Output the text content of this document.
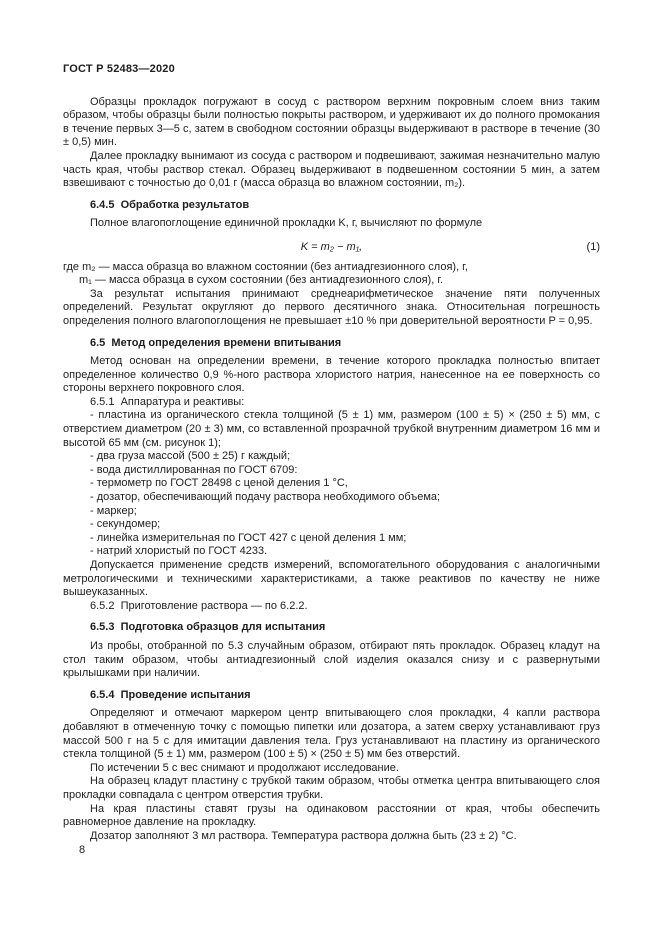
ГОСТ Р 52483—2020

Образцы прокладок погружают в сосуд с раствором верхним покровным слоем вниз таким образом, чтобы образцы были полностью покрыты раствором, и удерживают их до полного промокания в течение первых 3—5 с, затем в свободном состоянии образцы выдерживают в растворе в течение (30 ± 0,5) мин.

Далее прокладку вынимают из сосуда с раствором и подвешивают, зажимая незначительно малую часть края, чтобы раствор стекал. Образец выдерживают в подвешенном состоянии 5 мин, а затем взвешивают с точностью до 0,01 г (масса образца во влажном состоянии, m₂).

6.4.5  Обработка результатов

Полное влагопоглощение единичной прокладки K, г, вычисляют по формуле

K = m₂ − m₁,	(1)

где m₂ — масса образца во влажном состоянии (без антиадгезионного слоя), г,

m₁ — масса образца в сухом состоянии (без антиадгезионного слоя), г.

За результат испытания принимают среднеарифметическое значение пяти полученных определений. Результат округляют до первого десятичного знака. Относительная погрешность определения полного влагопоглощения не превышает ±10 % при доверительной вероятности P = 0,95.

6.5  Метод определения времени впитывания

Метод основан на определении времени, в течение которого прокладка полностью впитает определенное количество 0,9 %-ного раствора хлористого натрия, нанесенное на ее поверхность со стороны верхнего покровного слоя.

6.5.1  Аппаратура и реактивы:

- пластина из органического стекла толщиной (5 ± 1) мм, размером (100 ± 5) × (250 ± 5) мм, с отверстием диаметром (20 ± 3) мм, со вставленной прозрачной трубкой внутренним диаметром 16 мм и высотой 65 мм (см. рисунок 1);

- два груза массой (500 ± 25) г каждый;

- вода дистиллированная по ГОСТ 6709:

- термометр по ГОСТ 28498 с ценой деления 1 °С,

- дозатор, обеспечивающий подачу раствора необходимого объема;

- маркер;

- секундомер;

- линейка измерительная по ГОСТ 427 с ценой деления 1 мм;

- натрий хлористый по ГОСТ 4233.

Допускается применение средств измерений, вспомогательного оборудования с аналогичными метрологическими и техническими характеристиками, а также реактивов по качеству не ниже вышеуказанных.

6.5.2  Приготовление раствора — по 6.2.2.

6.5.3  Подготовка образцов для испытания

Из пробы, отобранной по 5.3 случайным образом, отбирают пять прокладок. Образец кладут на стол таким образом, чтобы антиадгезионный слой изделия оказался снизу и с развернутыми крылышками при наличии.

6.5.4  Проведение испытания

Определяют и отмечают маркером центр впитывающего слоя прокладки, 4 капли раствора добавляют в отмеченную точку с помощью пипетки или дозатора, а затем сверху устанавливают груз массой 500 г на 5 с для имитации давления тела. Груз устанавливают на пластину из органического стекла толщиной (5 ± 1) мм, размером (100 ± 5) × (250 ± 5) мм без отверстий.

По истечении 5 с вес снимают и продолжают исследование.

На образец кладут пластину с трубкой таким образом, чтобы отметка центра впитывающего слоя прокладки совпадала с центром отверстия трубки.

На края пластины ставят грузы на одинаковом расстоянии от края, чтобы обеспечить равномерное давление на прокладку.

Дозатор заполняют 3 мл раствора. Температура раствора должна быть (23 ± 2) °С.

8
